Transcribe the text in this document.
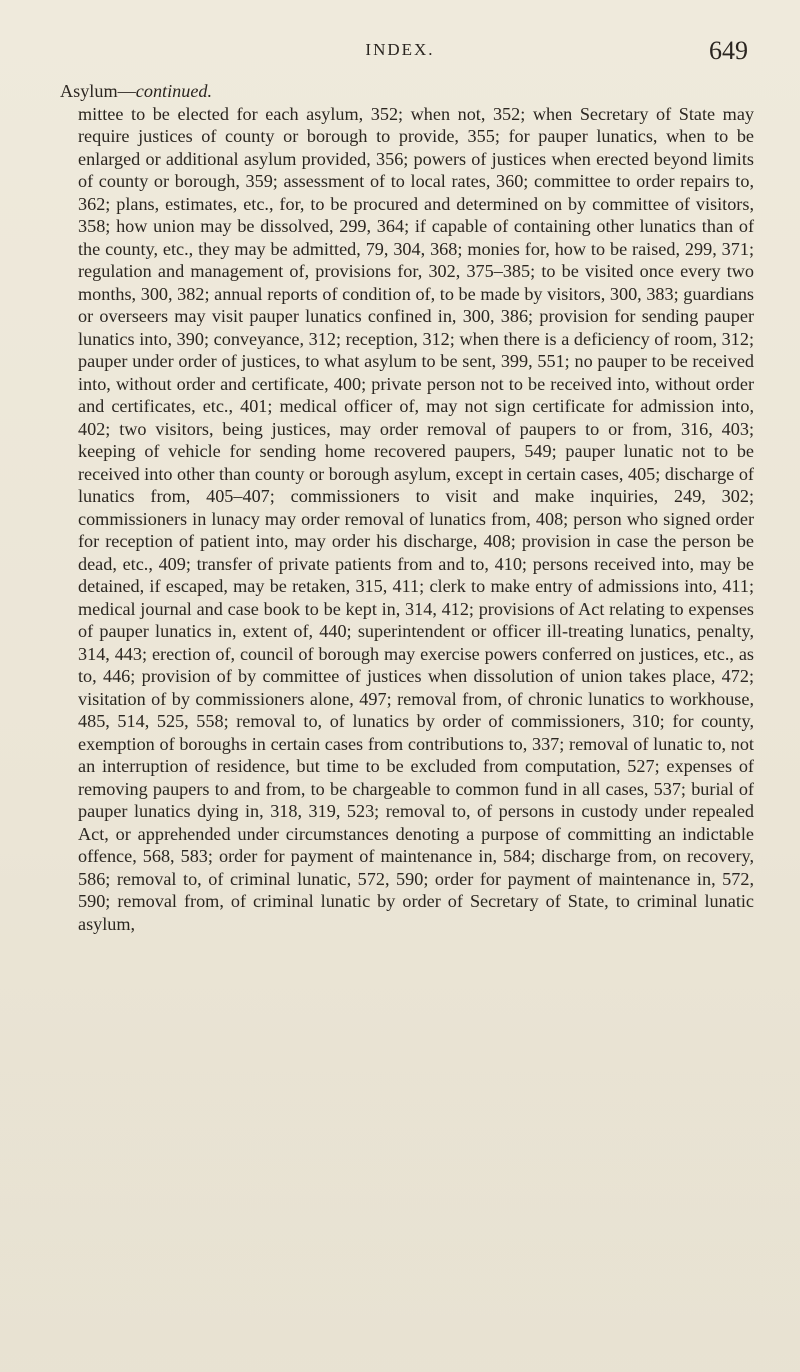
INDEX.	649
Asylum—continued.
mittee to be elected for each asylum, 352; when not, 352; when Secretary of State may require justices of county or borough to provide, 355; for pauper lunatics, when to be enlarged or additional asylum provided, 356; powers of justices when erected beyond limits of county or borough, 359; assessment of to local rates, 360; committee to order repairs to, 362; plans, estimates, etc., for, to be procured and determined on by committee of visitors, 358; how union may be dissolved, 299, 364; if capable of containing other lunatics than of the county, etc., they may be admitted, 79, 304, 368; monies for, how to be raised, 299, 371; regulation and management of, provisions for, 302, 375–385; to be visited once every two months, 300, 382; annual reports of condition of, to be made by visitors, 300, 383; guardians or overseers may visit pauper lunatics confined in, 300, 386; provision for sending pauper lunatics into, 390; conveyance, 312; reception, 312; when there is a deficiency of room, 312; pauper under order of justices, to what asylum to be sent, 399, 551; no pauper to be received into, without order and certificate, 400; private person not to be received into, without order and certificates, etc., 401; medical officer of, may not sign certificate for admission into, 402; two visitors, being justices, may order removal of paupers to or from, 316, 403; keeping of vehicle for sending home recovered paupers, 549; pauper lunatic not to be received into other than county or borough asylum, except in certain cases, 405; discharge of lunatics from, 405–407; commissioners to visit and make inquiries, 249, 302; commissioners in lunacy may order removal of lunatics from, 408; person who signed order for reception of patient into, may order his discharge, 408; provision in case the person be dead, etc., 409; transfer of private patients from and to, 410; persons received into, may be detained, if escaped, may be retaken, 315, 411; clerk to make entry of admissions into, 411; medical journal and case book to be kept in, 314, 412; provisions of Act relating to expenses of pauper lunatics in, extent of, 440; superintendent or officer ill-treating lunatics, penalty, 314, 443; erection of, council of borough may exercise powers conferred on justices, etc., as to, 446; provision of by committee of justices when dissolution of union takes place, 472; visitation of by commissioners alone, 497; removal from, of chronic lunatics to workhouse, 485, 514, 525, 558; removal to, of lunatics by order of commissioners, 310; for county, exemption of boroughs in certain cases from contributions to, 337; removal of lunatic to, not an interruption of residence, but time to be excluded from computation, 527; expenses of removing paupers to and from, to be chargeable to common fund in all cases, 537; burial of pauper lunatics dying in, 318, 319, 523; removal to, of persons in custody under repealed Act, or apprehended under circumstances denoting a purpose of committing an indictable offence, 568, 583; order for payment of maintenance in, 584; discharge from, on recovery, 586; removal to, of criminal lunatic, 572, 590; order for payment of maintenance in, 572, 590; removal from, of criminal lunatic by order of Secretary of State, to criminal lunatic asylum,
